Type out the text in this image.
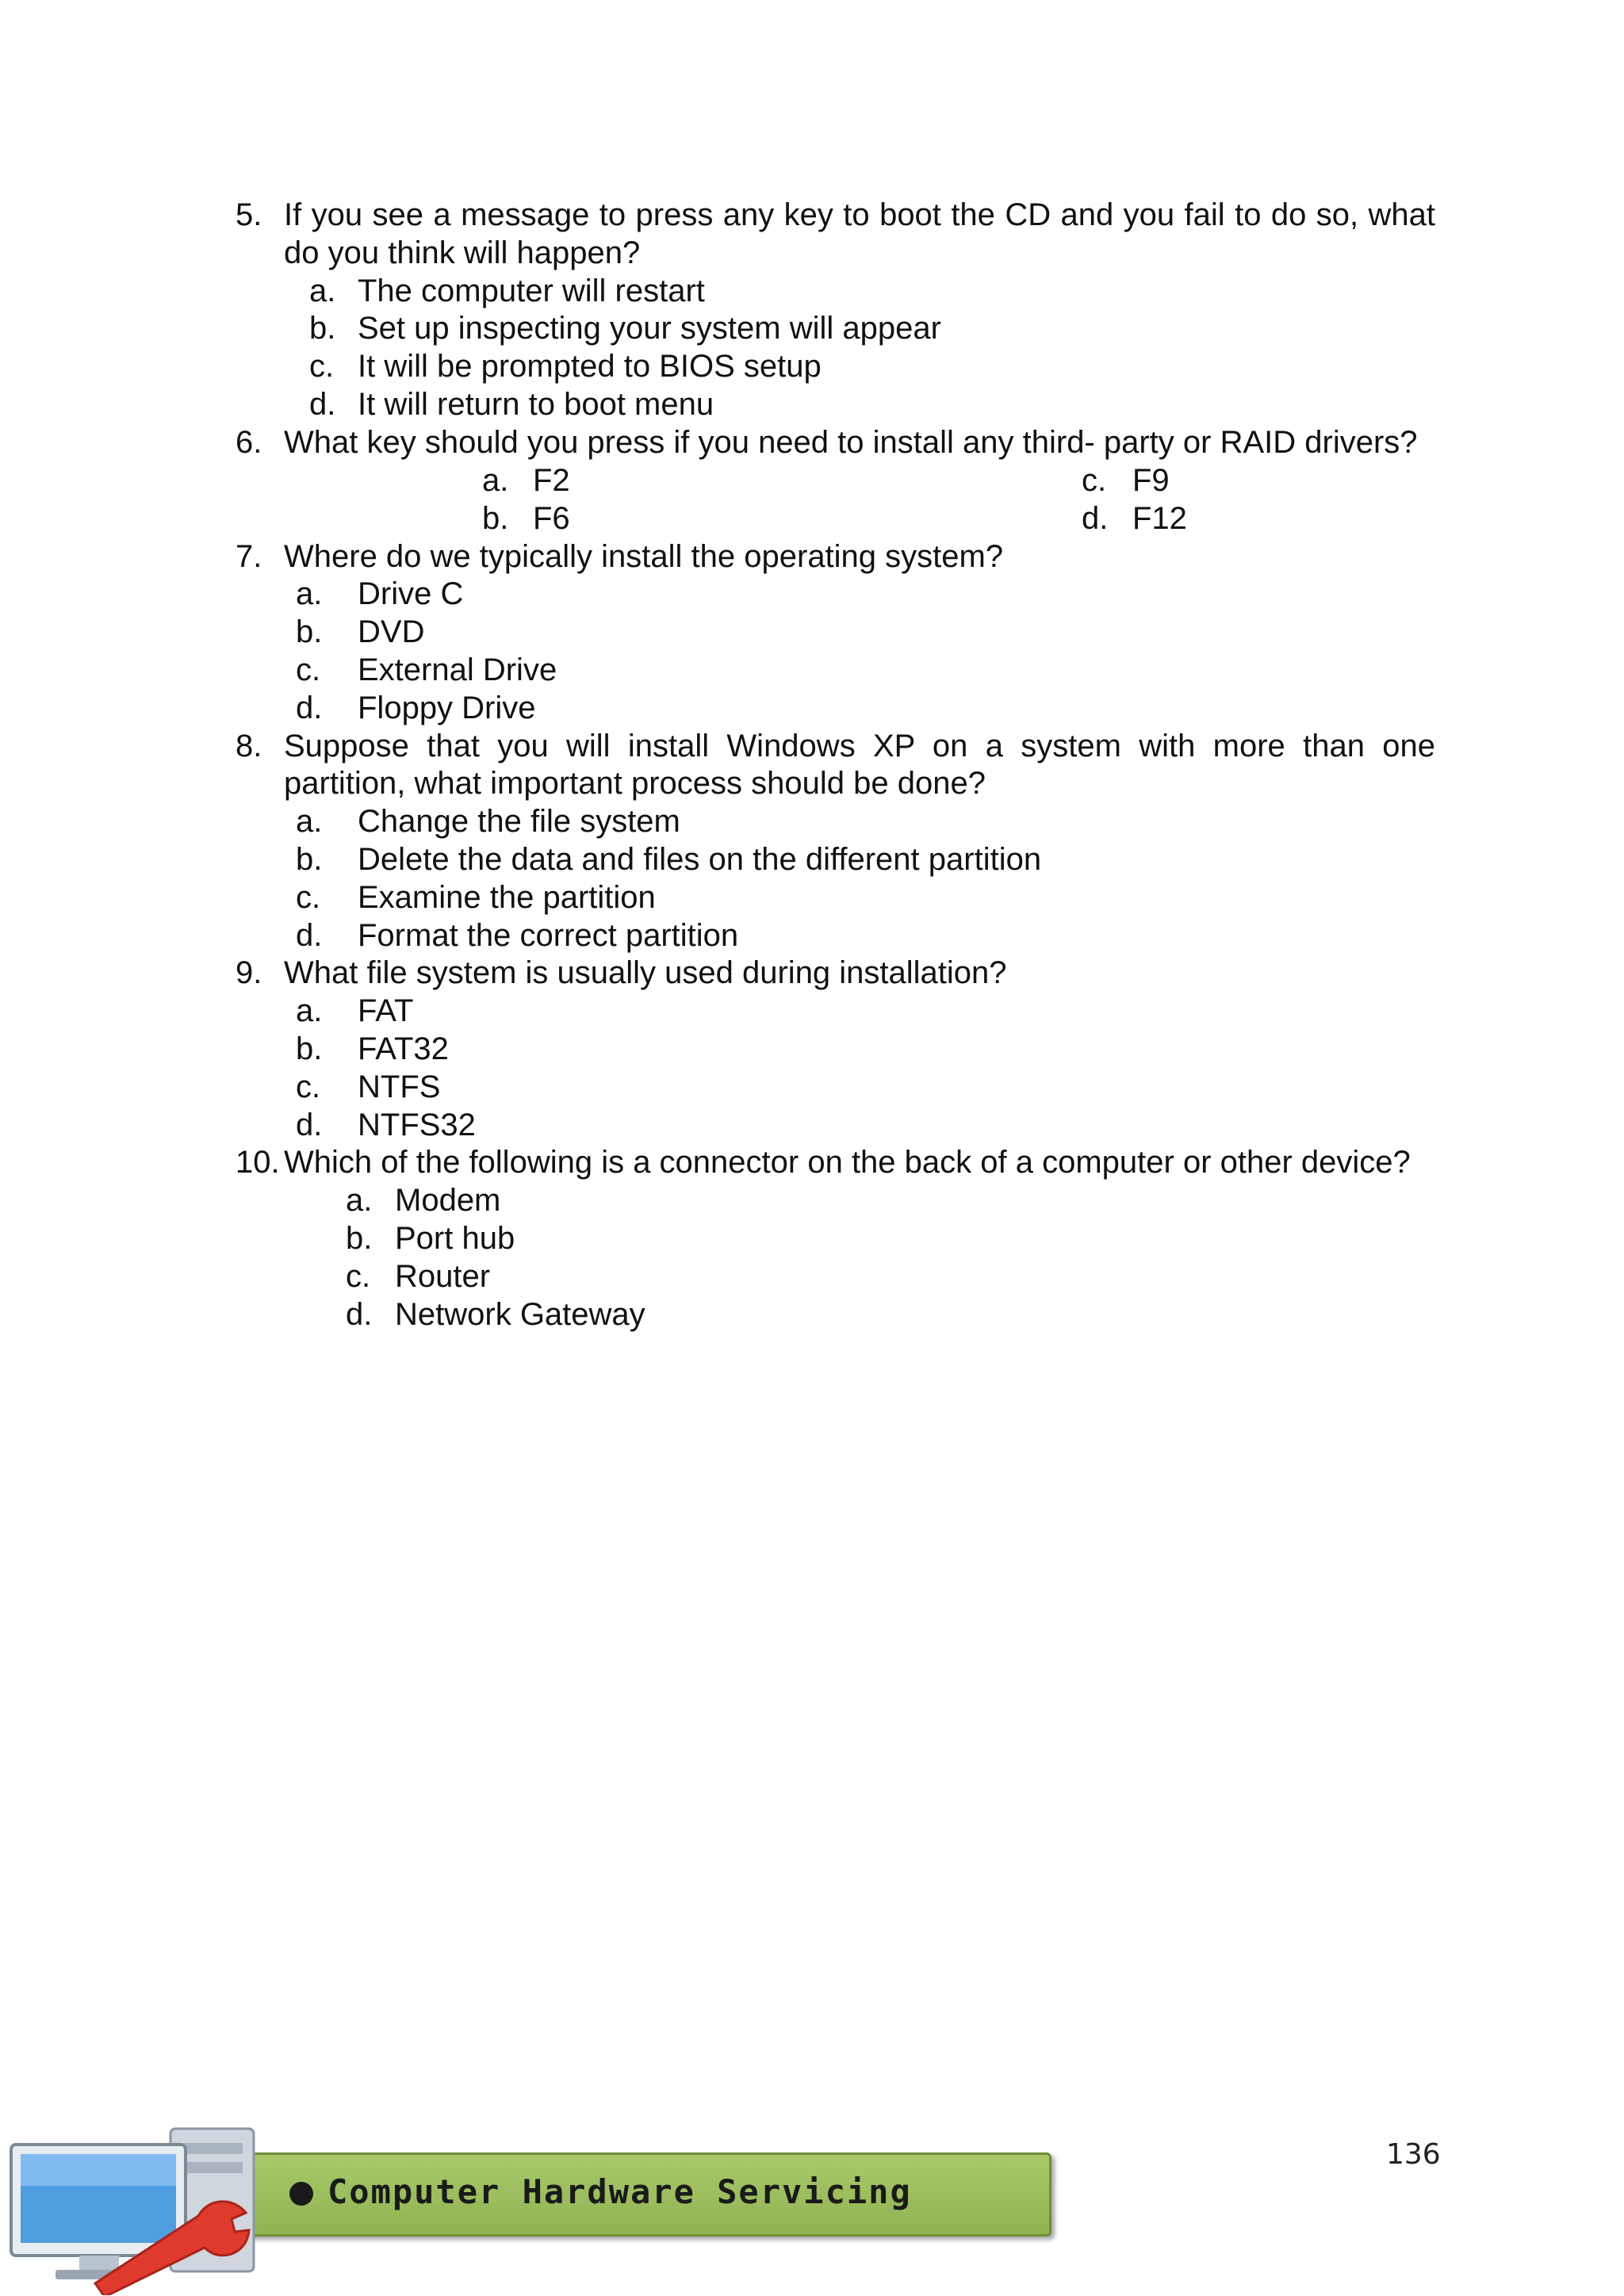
5. If you see a message to press any key to boot the CD and you fail to do so, what do you think will happen?
a. The computer will restart
b. Set up inspecting your system will appear
c. It will be prompted to BIOS setup
d. It will return to boot menu
6. What key should you press if you need to install any third- party or RAID drivers?
a. F2
b. F6
c. F9
d. F12
7. Where do we typically install the operating system?
a. Drive C
b. DVD
c. External Drive
d. Floppy Drive
8. Suppose that you will install Windows XP on a system with more than one partition, what important process should be done?
a. Change the file system
b. Delete the data and files on the different partition
c. Examine the partition
d. Format the correct partition
9. What file system is usually used during installation?
a. FAT
b. FAT32
c. NTFS
d. NTFS32
10. Which of the following is a connector on the back of a computer or other device?
a. Modem
b. Port hub
c. Router
d. Network Gateway
136
Computer Hardware Servicing
